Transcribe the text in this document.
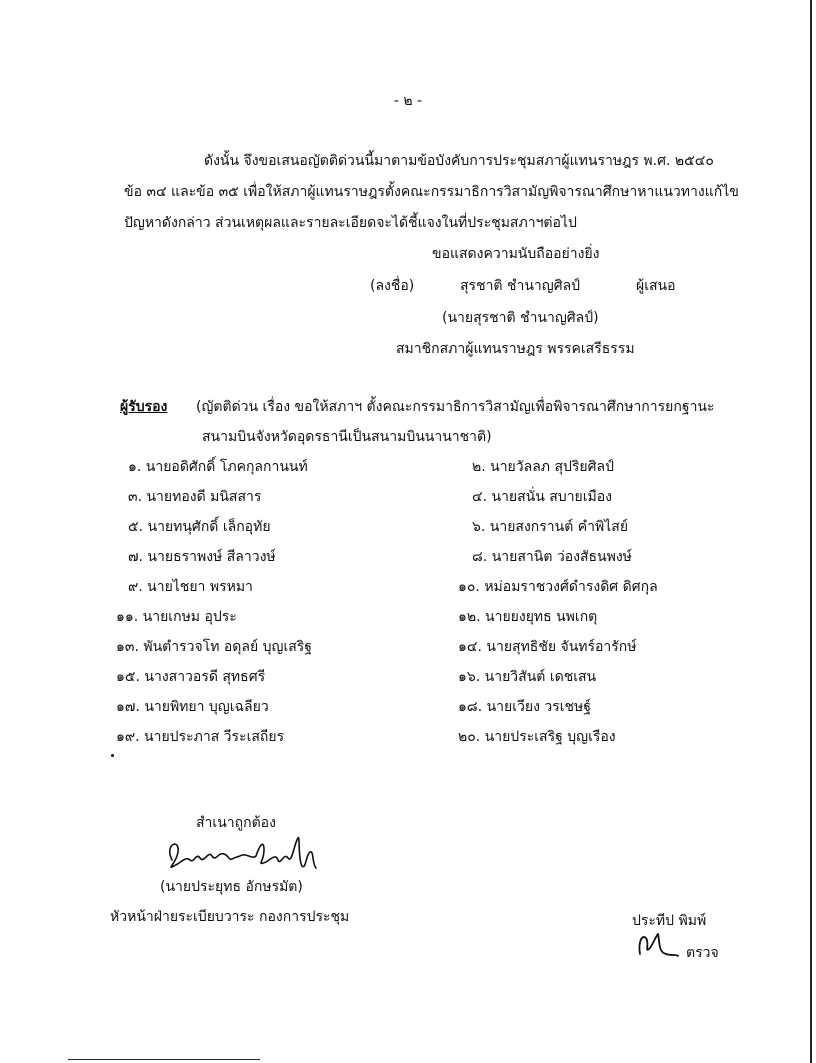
- ๒ -
ดังนั้น จึงขอเสนอญัตติด่วนนี้มาตามข้อบังคับการประชุมสภาผู้แทนราษฎร พ.ศ. ๒๕๔๐
ข้อ ๓๔ และข้อ ๓๕ เพื่อให้สภาผู้แทนราษฎรตั้งคณะกรรมาธิการวิสามัญพิจารณาศึกษาหาแนวทางแก้ไข
ปัญหาดังกล่าว ส่วนเหตุผลและรายละเอียดจะได้ชี้แจงในที่ประชุมสภาฯต่อไป
ขอแสดงความนับถืออย่างยิ่ง
(ลงชื่อ)	สุรชาติ ชำนาญศิลป์	ผู้เสนอ
(นายสุรชาติ ชำนาญศิลป์)
สมาชิกสภาผู้แทนราษฎร พรรคเสรีธรรม
ผู้รับรอง (ญัตติด่วน เรื่อง ขอให้สภาฯ ตั้งคณะกรรมาธิการวิสามัญเพื่อพิจารณาศึกษาการยกฐานะ
สนามบินจังหวัดอุดรธานีเป็นสนามบินนานาชาติ)
๑. นายอดิศักดิ์ โภคกุลกานนท์
๓. นายทองดี มนิสสาร
๕. นายทนุศักดิ์ เล็กอุทัย
๗. นายธราพงษ์ สีลาวงษ์
๙. นายไชยา พรหมา
๑๑. นายเกษม อุประ
๑๓. พันตำรวจโท อดุลย์ บุญเสริฐ
๑๕. นางสาวอรดี สุทธศรี
๑๗. นายพิทยา บุญเฉลียว
๑๙. นายประภาส วีระเสถียร
๒. นายวัลลภ สุปริยศิลป์
๔. นายสนั่น สบายเมือง
๖. นายสงกรานต์ คำพิไสย์
๘. นายสานิต ว่องสัธนพงษ์
๑๐. หม่อมราชวงศ์ดำรงดิศ ดิศกุล
๑๒. นายยงยุทธ นพเกตุ
๑๔. นายสุทธิชัย จันทร์อารักษ์
๑๖. นายวิสันต์ เดชเสน
๑๘. นายเวียง วรเชษฐ์
๒๐. นายประเสริฐ บุญเรือง
สำเนาถูกต้อง
(นายประยุทธ อักษรมัต)
หัวหน้าฝ่ายระเบียบวาระ กองการประชุม	ประทีป พิมพ์
ตรวจ
